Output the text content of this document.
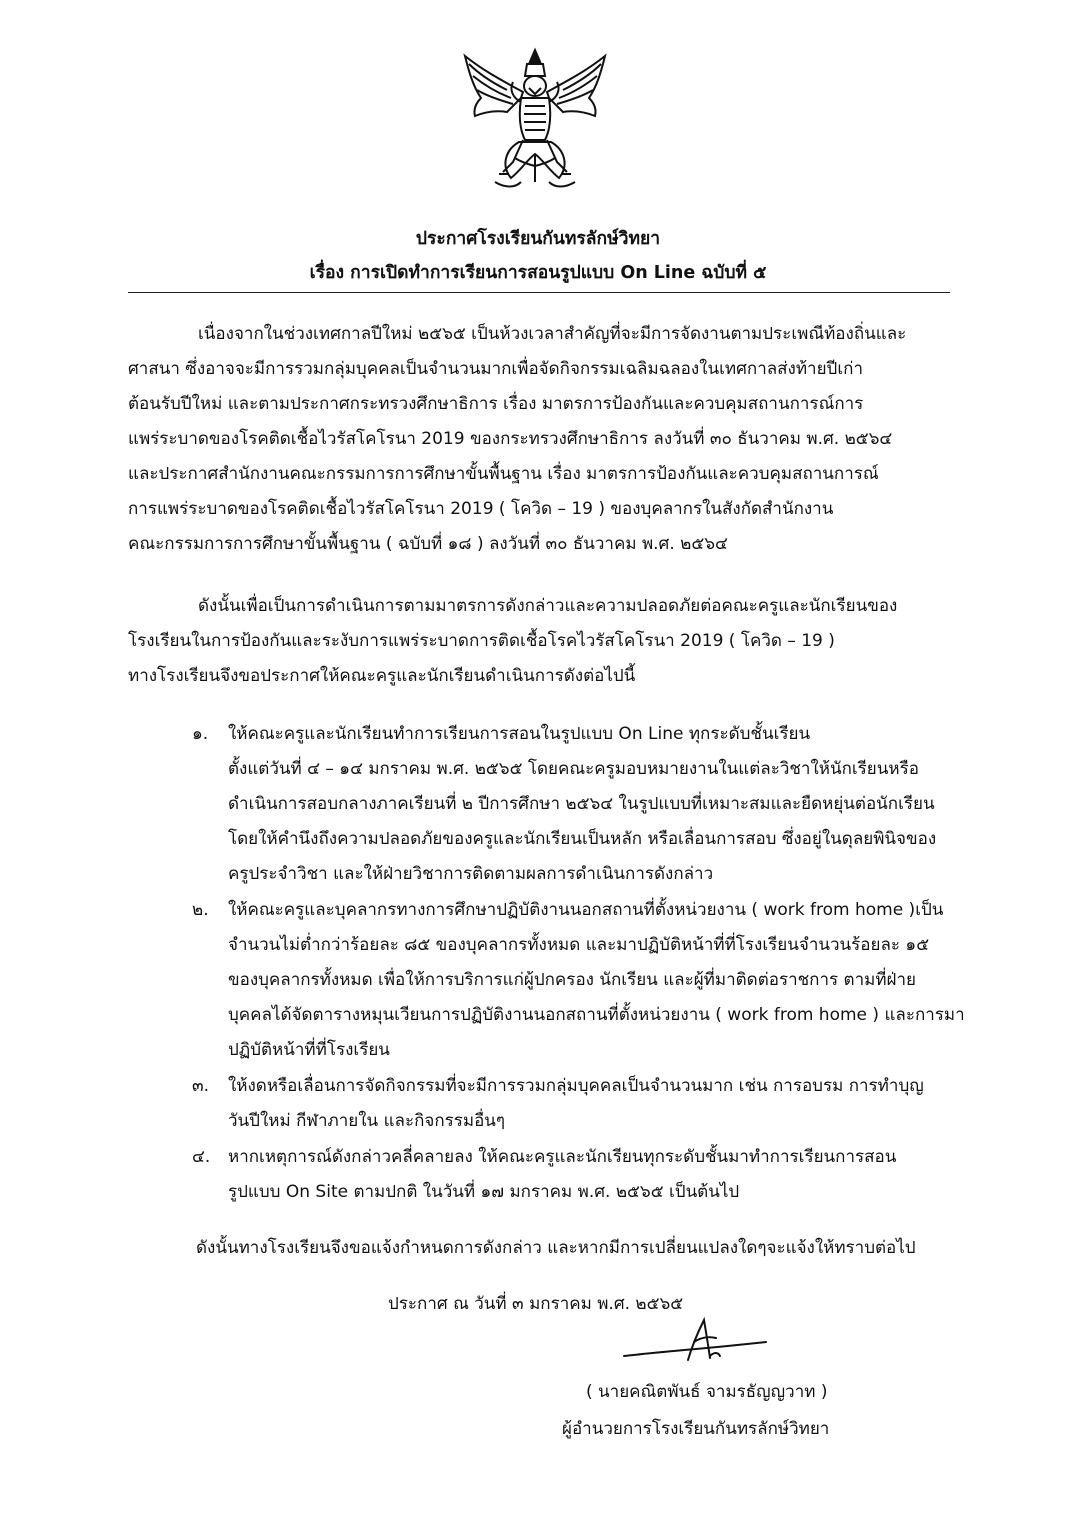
ประกาศโรงเรียนกันทรลักษ์วิทยา
เรื่อง การเปิดทำการเรียนการสอนรูปแบบ On Line ฉบับที่ ๕
เนื่องจากในช่วงเทศกาลปีใหม่ ๒๕๖๕ เป็นห้วงเวลาสำคัญที่จะมีการจัดงานตามประเพณีท้องถิ่นและ
ศาสนา ซึ่งอาจจะมีการรวมกลุ่มบุคคลเป็นจำนวนมากเพื่อจัดกิจกรรมเฉลิมฉลองในเทศกาลส่งท้ายปีเก่า
ต้อนรับปีใหม่ และตามประกาศกระทรวงศึกษาธิการ เรื่อง มาตรการป้องกันและควบคุมสถานการณ์การ
แพร่ระบาดของโรคติดเชื้อไวรัสโคโรนา 2019 ของกระทรวงศึกษาธิการ ลงวันที่ ๓๐ ธันวาคม พ.ศ. ๒๕๖๔
และประกาศสำนักงานคณะกรรมการการศึกษาขั้นพื้นฐาน เรื่อง มาตรการป้องกันและควบคุมสถานการณ์
การแพร่ระบาดของโรคติดเชื้อไวรัสโคโรนา 2019 ( โควิด – 19 ) ของบุคลากรในสังกัดสำนักงาน
คณะกรรมการการศึกษาขั้นพื้นฐาน ( ฉบับที่ ๑๘ ) ลงวันที่ ๓๐ ธันวาคม พ.ศ. ๒๕๖๔
ดังนั้นเพื่อเป็นการดำเนินการตามมาตรการดังกล่าวและความปลอดภัยต่อคณะครูและนักเรียนของ
โรงเรียนในการป้องกันและระงับการแพร่ระบาดการติดเชื้อโรคไวรัสโคโรนา 2019 ( โควิด – 19 )
ทางโรงเรียนจึงขอประกาศให้คณะครูและนักเรียนดำเนินการดังต่อไปนี้
๑. ให้คณะครูและนักเรียนทำการเรียนการสอนในรูปแบบ On Line ทุกระดับชั้นเรียน
ตั้งแต่วันที่ ๔ – ๑๔ มกราคม พ.ศ. ๒๕๖๕ โดยคณะครูมอบหมายงานในแต่ละวิชาให้นักเรียนหรือ
ดำเนินการสอบกลางภาคเรียนที่ ๒ ปีการศึกษา ๒๕๖๔ ในรูปแบบที่เหมาะสมและยืดหยุ่นต่อนักเรียน
โดยให้คำนึงถึงความปลอดภัยของครูและนักเรียนเป็นหลัก หรือเลื่อนการสอบ ซึ่งอยู่ในดุลยพินิจของ
ครูประจำวิชา และให้ฝ่ายวิชาการติดตามผลการดำเนินการดังกล่าว
๒. ให้คณะครูและบุคลากรทางการศึกษาปฏิบัติงานนอกสถานที่ตั้งหน่วยงาน ( work from home )เป็น
จำนวนไม่ต่ำกว่าร้อยละ ๘๕ ของบุคลากรทั้งหมด และมาปฏิบัติหน้าที่ที่โรงเรียนจำนวนร้อยละ ๑๕
ของบุคลากรทั้งหมด เพื่อให้การบริการแก่ผู้ปกครอง นักเรียน และผู้ที่มาติดต่อราชการ ตามที่ฝ่าย
บุคคลได้จัดตารางหมุนเวียนการปฏิบัติงานนอกสถานที่ตั้งหน่วยงาน ( work from home ) และการมา
ปฏิบัติหน้าที่ที่โรงเรียน
๓. ให้งดหรือเลื่อนการจัดกิจกรรมที่จะมีการรวมกลุ่มบุคคลเป็นจำนวนมาก เช่น การอบรม การทำบุญ
วันปีใหม่ กีฬาภายใน และกิจกรรมอื่นๆ
๔. หากเหตุการณ์ดังกล่าวคลี่คลายลง ให้คณะครูและนักเรียนทุกระดับชั้นมาทำการเรียนการสอน
รูปแบบ On Site ตามปกติ ในวันที่ ๑๗ มกราคม พ.ศ. ๒๕๖๕ เป็นต้นไป
ดังนั้นทางโรงเรียนจึงขอแจ้งกำหนดการดังกล่าว และหากมีการเปลี่ยนแปลงใดๆจะแจ้งให้ทราบต่อไป
ประกาศ ณ วันที่ ๓ มกราคม พ.ศ. ๒๕๖๕
( นายคณิตพันธ์ จามรธัญญวาท )
ผู้อำนวยการโรงเรียนกันทรลักษ์วิทยา
